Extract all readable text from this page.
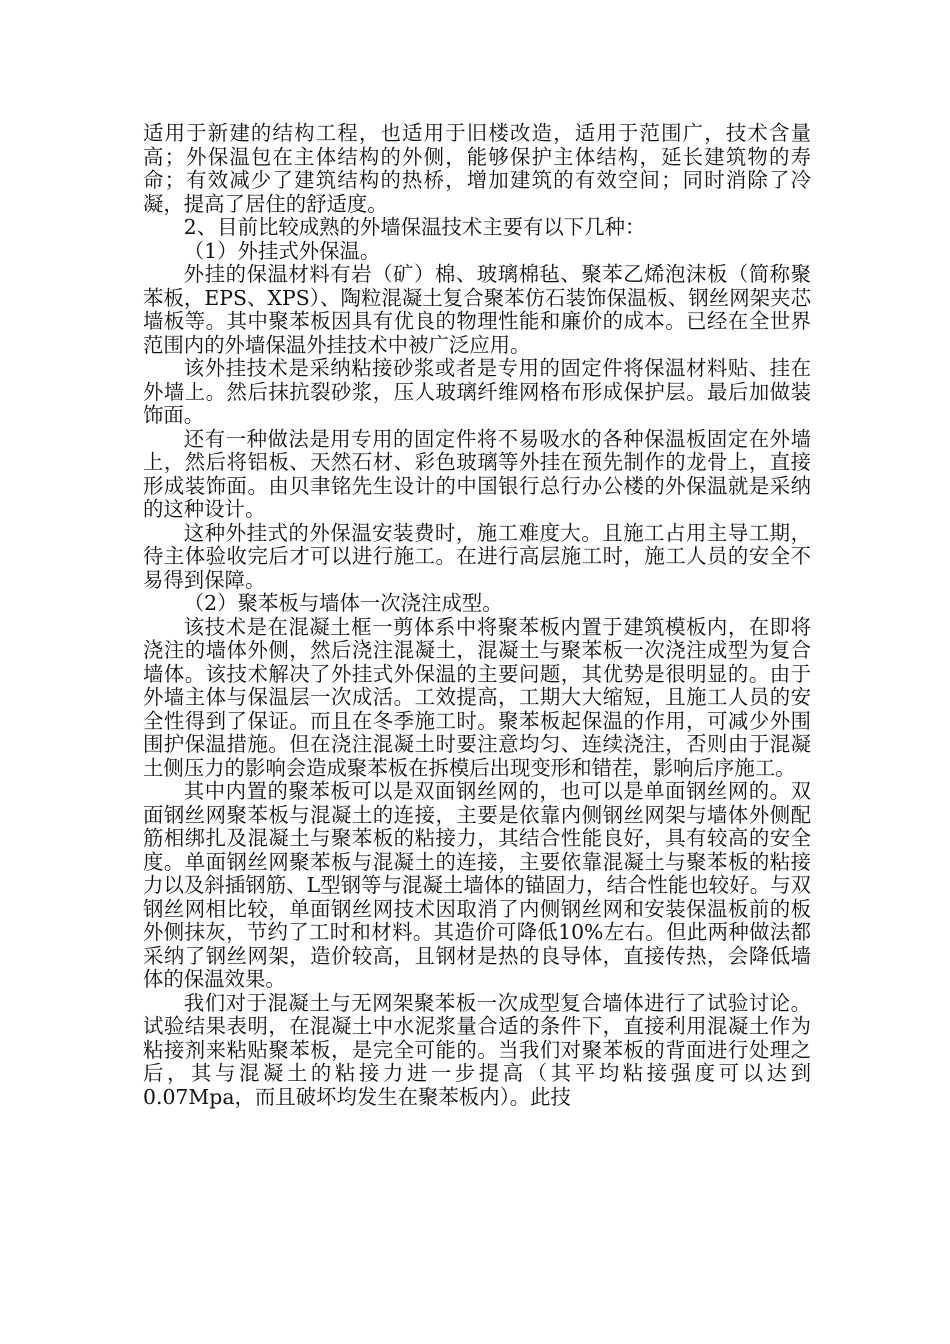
适用于新建的结构工程，也适用于旧楼改造，适用于范围广，技术含量高；外保温包在主体结构的外侧，能够保护主体结构，延长建筑物的寿命；有效减少了建筑结构的热桥，增加建筑的有效空间；同时消除了冷凝，提高了居住的舒适度。

2、目前比较成熟的外墙保温技术主要有以下几种：

（1）外挂式外保温。

外挂的保温材料有岩（矿）棉、玻璃棉毡、聚苯乙烯泡沫板（简称聚苯板，EPS、XPS）、陶粒混凝土复合聚苯仿石装饰保温板、钢丝网架夹芯墙板等。其中聚苯板因具有优良的物理性能和廉价的成本。已经在全世界范围内的外墙保温外挂技术中被广泛应用。

该外挂技术是采纳粘接砂浆或者是专用的固定件将保温材料贴、挂在外墙上。然后抹抗裂砂浆，压人玻璃纤维网格布形成保护层。最后加做装饰面。

还有一种做法是用专用的固定件将不易吸水的各种保温板固定在外墙上，然后将铝板、天然石材、彩色玻璃等外挂在预先制作的龙骨上，直接形成装饰面。由贝聿铭先生设计的中国银行总行办公楼的外保温就是采纳的这种设计。

这种外挂式的外保温安装费时，施工难度大。且施工占用主导工期，待主体验收完后才可以进行施工。在进行高层施工时，施工人员的安全不易得到保障。

（2）聚苯板与墙体一次浇注成型。

该技术是在混凝土框一剪体系中将聚苯板内置于建筑模板内，在即将浇注的墙体外侧，然后浇注混凝土，混凝土与聚苯板一次浇注成型为复合墙体。该技术解决了外挂式外保温的主要问题，其优势是很明显的。由于外墙主体与保温层一次成活。工效提高，工期大大缩短，且施工人员的安全性得到了保证。而且在冬季施工时。聚苯板起保温的作用，可减少外围围护保温措施。但在浇注混凝土时要注意均匀、连续浇注，否则由于混凝土侧压力的影响会造成聚苯板在拆模后出现变形和错茬，影响后序施工。

其中内置的聚苯板可以是双面钢丝网的，也可以是单面钢丝网的。双面钢丝网聚苯板与混凝土的连接，主要是依靠内侧钢丝网架与墙体外侧配筋相绑扎及混凝土与聚苯板的粘接力，其结合性能良好，具有较高的安全度。单面钢丝网聚苯板与混凝土的连接，主要依靠混凝土与聚苯板的粘接力以及斜插钢筋、L型钢等与混凝土墙体的锚固力，结合性能也较好。与双钢丝网相比较，单面钢丝网技术因取消了内侧钢丝网和安装保温板前的板外侧抹灰，节约了工时和材料。其造价可降低10%左右。但此两种做法都采纳了钢丝网架，造价较高，且钢材是热的良导体，直接传热，会降低墙体的保温效果。

我们对于混凝土与无网架聚苯板一次成型复合墙体进行了试验讨论。试验结果表明，在混凝土中水泥浆量合适的条件下，直接利用混凝土作为粘接剂来粘贴聚苯板，是完全可能的。当我们对聚苯板的背面进行处理之后，其与混凝土的粘接力进一步提高（其平均粘接强度可以达到0.07Mpa，而且破坏均发生在聚苯板内）。此技
